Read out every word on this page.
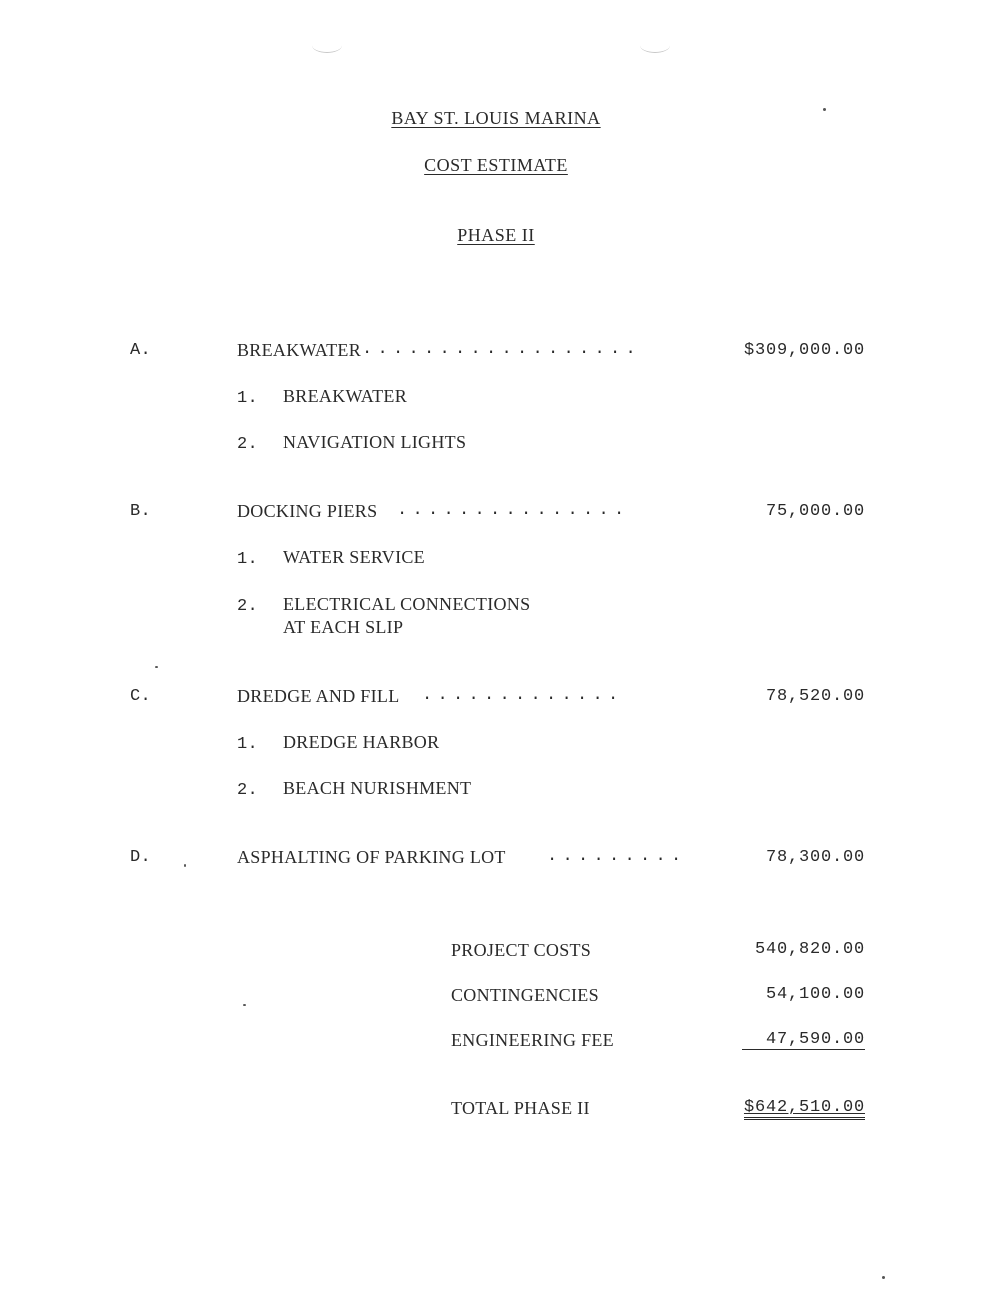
BAY ST. LOUIS MARINA
COST ESTIMATE
PHASE II
A.	BREAKWATER ..................	$309,000.00
1. BREAKWATER
2. NAVIGATION LIGHTS
B.	DOCKING PIERS ...............	75,000.00
1. WATER SERVICE
2. ELECTRICAL CONNECTIONS
AT EACH SLIP
C.	DREDGE AND FILL .............	78,520.00
1. DREDGE HARBOR
2. BEACH NURISHMENT
D.	ASPHALTING OF PARKING LOT .........	78,300.00
PROJECT COSTS	540,820.00
CONTINGENCIES	54,100.00
ENGINEERING FEE	47,590.00
TOTAL PHASE II	$642,510.00
